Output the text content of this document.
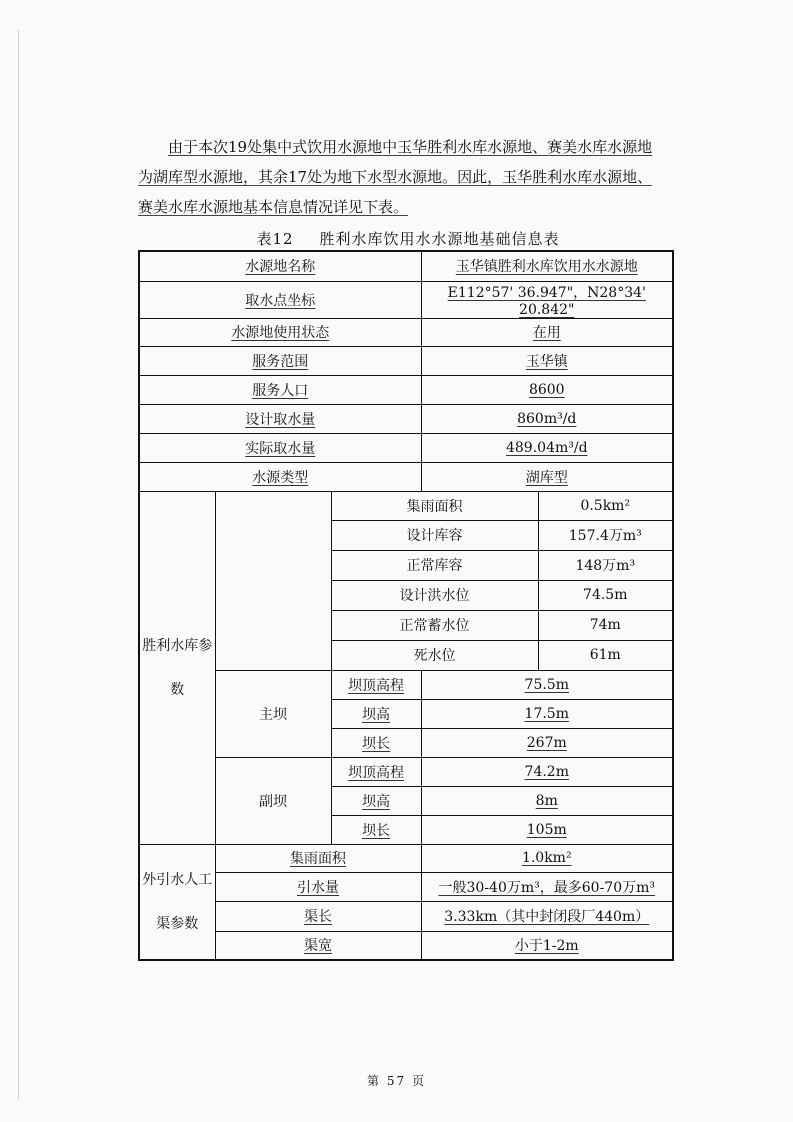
由于本次19处集中式饮用水源地中玉华胜利水库水源地、赛美水库水源地
为湖库型水源地，其余17处为地下水型水源地。因此，玉华胜利水库水源地、
赛美水库水源地基本信息情况详见下表。

表12 胜利水库饮用水水源地基础信息表
水源地名称			玉华镇胜利水库饮用水水源地
取水点坐标			E112°57' 36.947"，N28°34' 20.842"
水源地使用状态			在用
服务范围			玉华镇
服务人口			8600
设计取水量			860m³/d
实际取水量			489.04m³/d
水源类型			湖库型
胜利水库参数		集雨面积 0.5km²	

设计库容 157.4万m³	

正常库容 148万m³	

设计洪水位 74.5m	

正常蓄水位 74m	

死水位 61m	

	主坝	坝顶高程	75.5m
		坝高	17.5m
		坝长	267m
	副坝	坝顶高程	74.2m
		坝高	8m
		坝长	105m
外引水人工渠参数	集雨面积		1.0km²
	引水量		一般30-40万m³，最多60-70万m³
	渠长		3.33km（其中封闭段厂440m）
	渠宽		小于1-2m
第 57 页
